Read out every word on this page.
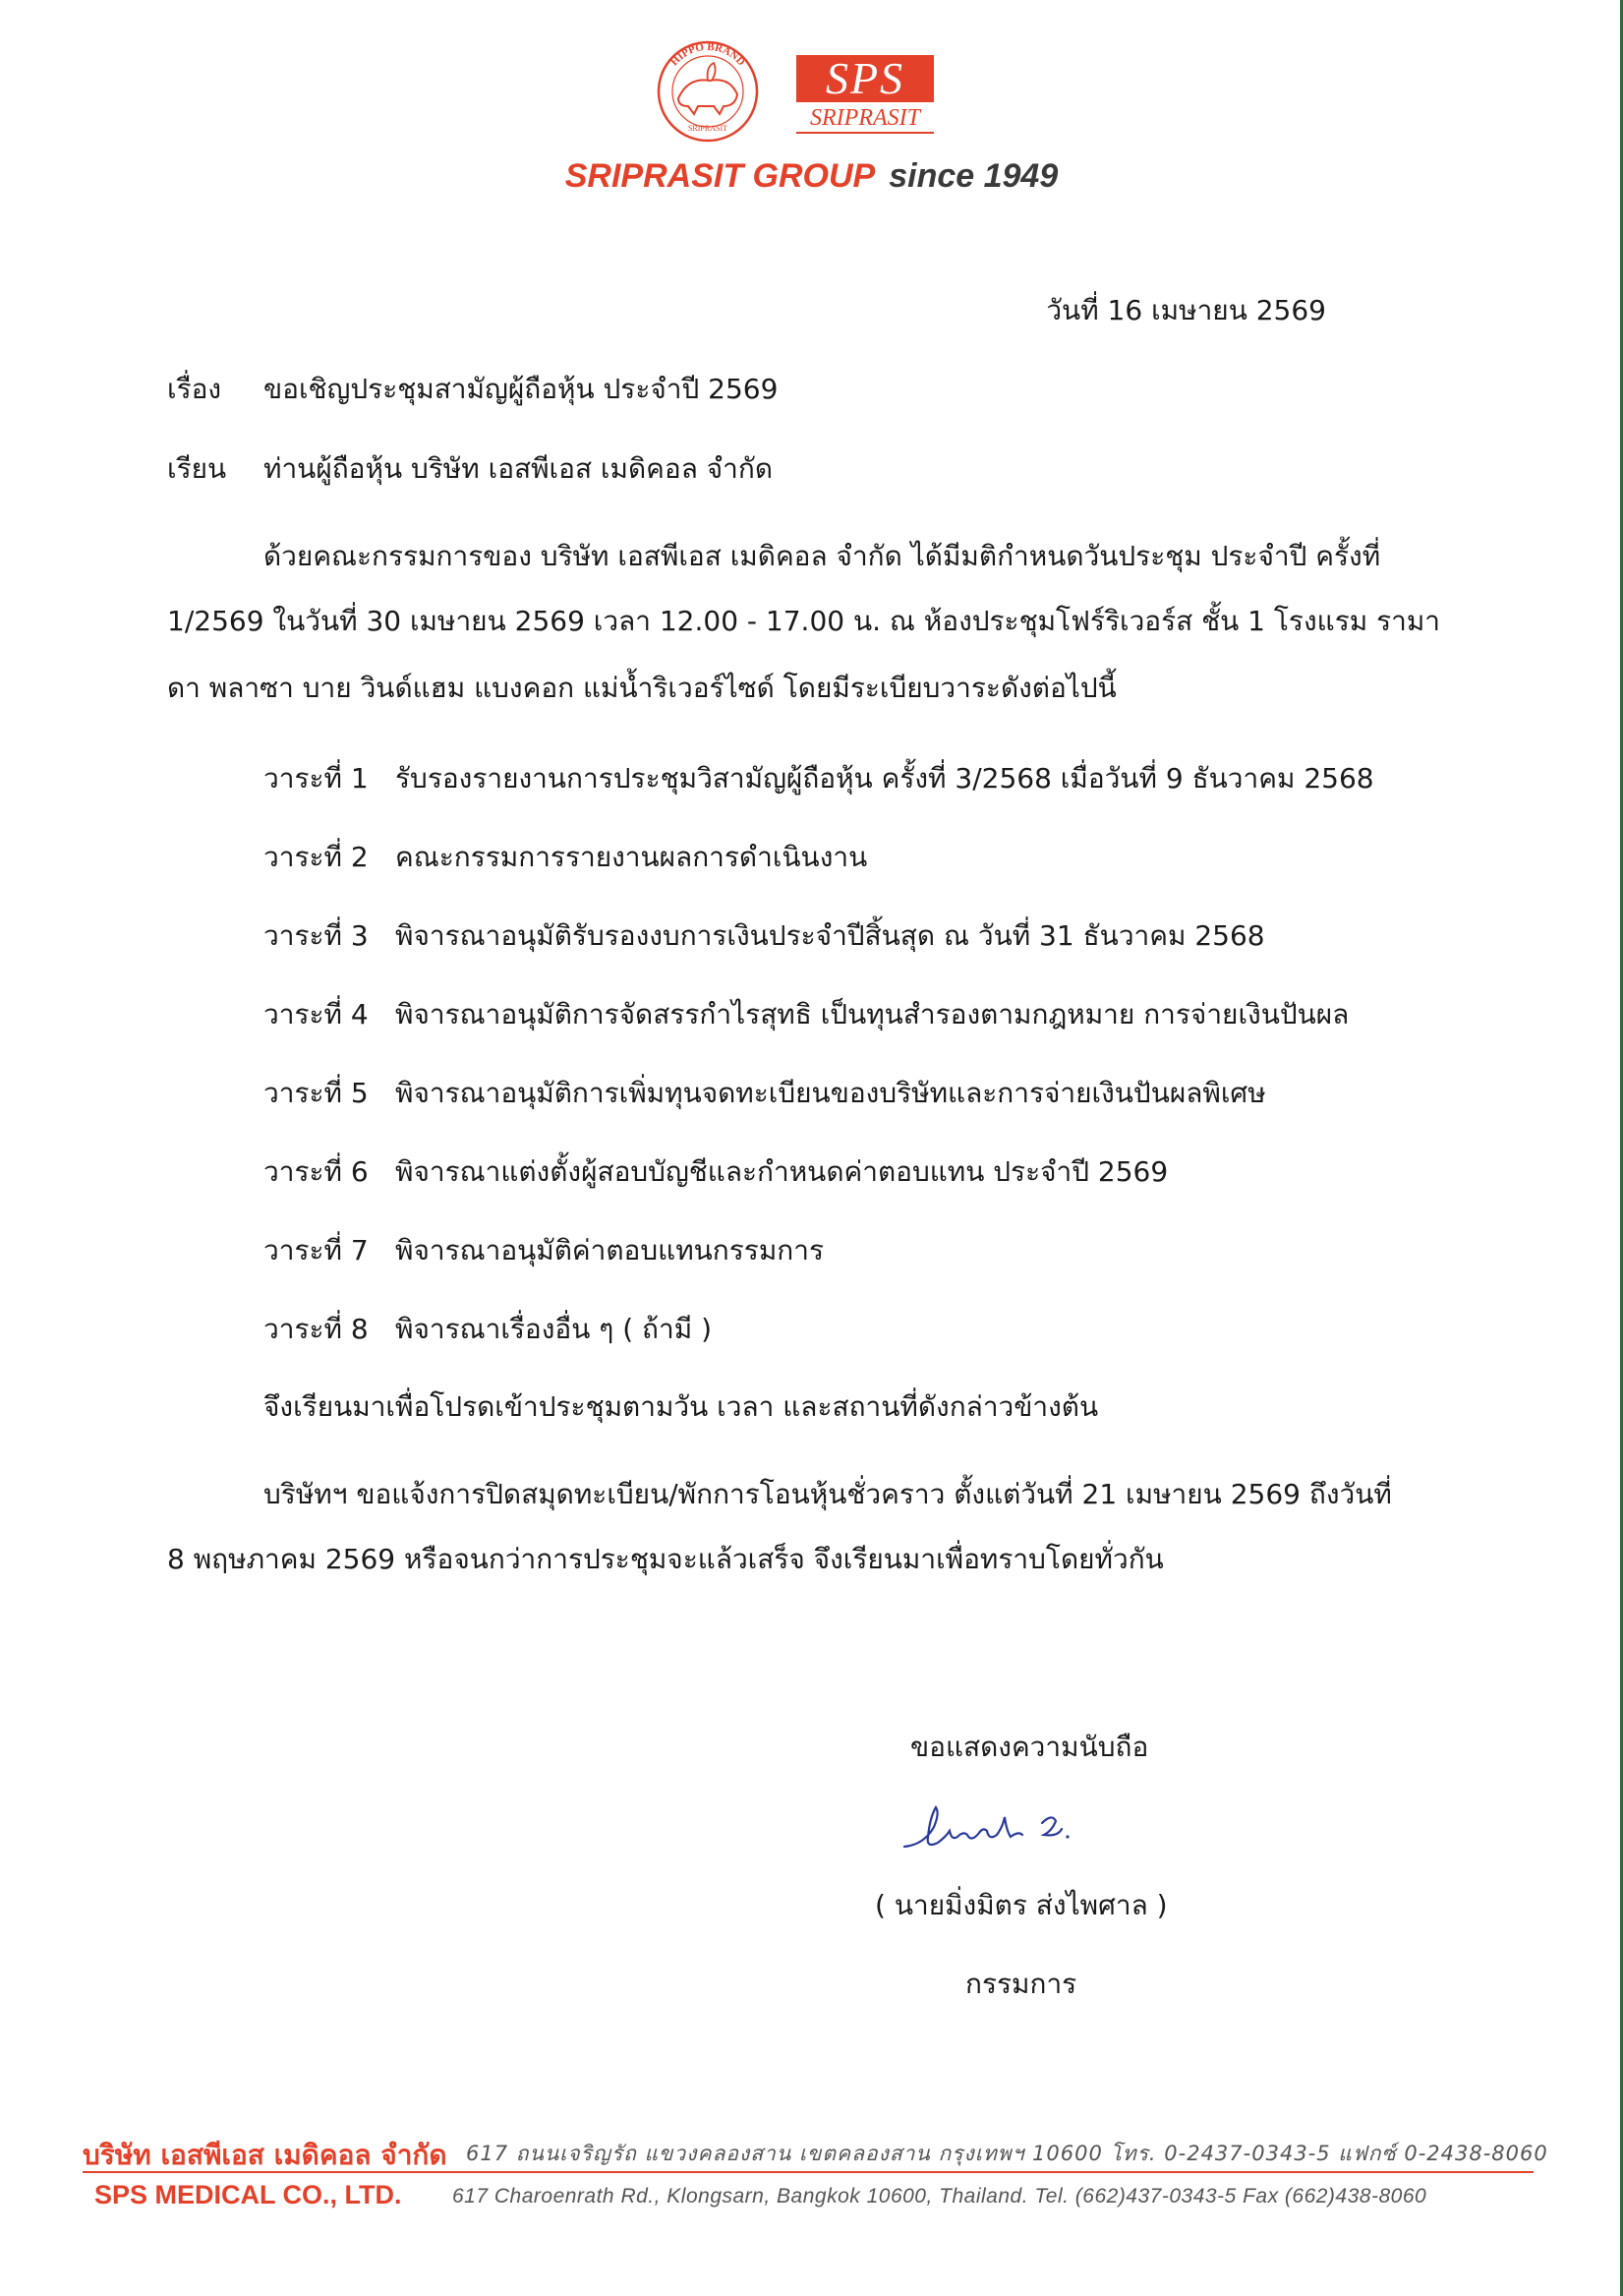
HIPPO BRAND
SRIPRASIT
SPS
SRIPRASIT
SRIPRASIT GROUP since 1949
วันที่ 16 เมษายน 2569
เรื่อง ขอเชิญประชุมสามัญผู้ถือหุ้น ประจำปี 2569
เรียน ท่านผู้ถือหุ้น บริษัท เอสพีเอส เมดิคอล จำกัด
ด้วยคณะกรรมการของ บริษัท เอสพีเอส เมดิคอล จำกัด ได้มีมติกำหนดวันประชุม ประจำปี ครั้งที่
1/2569 ในวันที่ 30 เมษายน 2569 เวลา 12.00 - 17.00 น. ณ ห้องประชุมโฟร์ริเวอร์ส ชั้น 1 โรงแรม รามา
ดา พลาซา บาย วินด์แฮม แบงคอก แม่น้ำริเวอร์ไซด์ โดยมีระเบียบวาระดังต่อไปนี้
วาระที่ 1 รับรองรายงานการประชุมวิสามัญผู้ถือหุ้น ครั้งที่ 3/2568 เมื่อวันที่ 9 ธันวาคม 2568
วาระที่ 2 คณะกรรมการรายงานผลการดำเนินงาน
วาระที่ 3 พิจารณาอนุมัติรับรองงบการเงินประจำปีสิ้นสุด ณ วันที่ 31 ธันวาคม 2568
วาระที่ 4 พิจารณาอนุมัติการจัดสรรกำไรสุทธิ เป็นทุนสำรองตามกฎหมาย การจ่ายเงินปันผล
วาระที่ 5 พิจารณาอนุมัติการเพิ่มทุนจดทะเบียนของบริษัทและการจ่ายเงินปันผลพิเศษ
วาระที่ 6 พิจารณาแต่งตั้งผู้สอบบัญชีและกำหนดค่าตอบแทน ประจำปี 2569
วาระที่ 7 พิจารณาอนุมัติค่าตอบแทนกรรมการ
วาระที่ 8 พิจารณาเรื่องอื่น ๆ ( ถ้ามี )
จึงเรียนมาเพื่อโปรดเข้าประชุมตามวัน เวลา และสถานที่ดังกล่าวข้างต้น
บริษัทฯ ขอแจ้งการปิดสมุดทะเบียน/พักการโอนหุ้นชั่วคราว ตั้งแต่วันที่ 21 เมษายน 2569 ถึงวันที่
8 พฤษภาคม 2569 หรือจนกว่าการประชุมจะแล้วเสร็จ จึงเรียนมาเพื่อทราบโดยทั่วกัน
ขอแสดงความนับถือ
( นายมิ่งมิตร ส่งไพศาล )
กรรมการ
บริษัท เอสพีเอส เมดิคอล จำกัด 617 ถนนเจริญรัถ แขวงคลองสาน เขตคลองสาน กรุงเทพฯ 10600 โทร. 0-2437-0343-5 แฟกซ์ 0-2438-8060
SPS MEDICAL CO., LTD. 617 Charoenrath Rd., Klongsarn, Bangkok 10600, Thailand. Tel. (662)437-0343-5 Fax (662)438-8060
